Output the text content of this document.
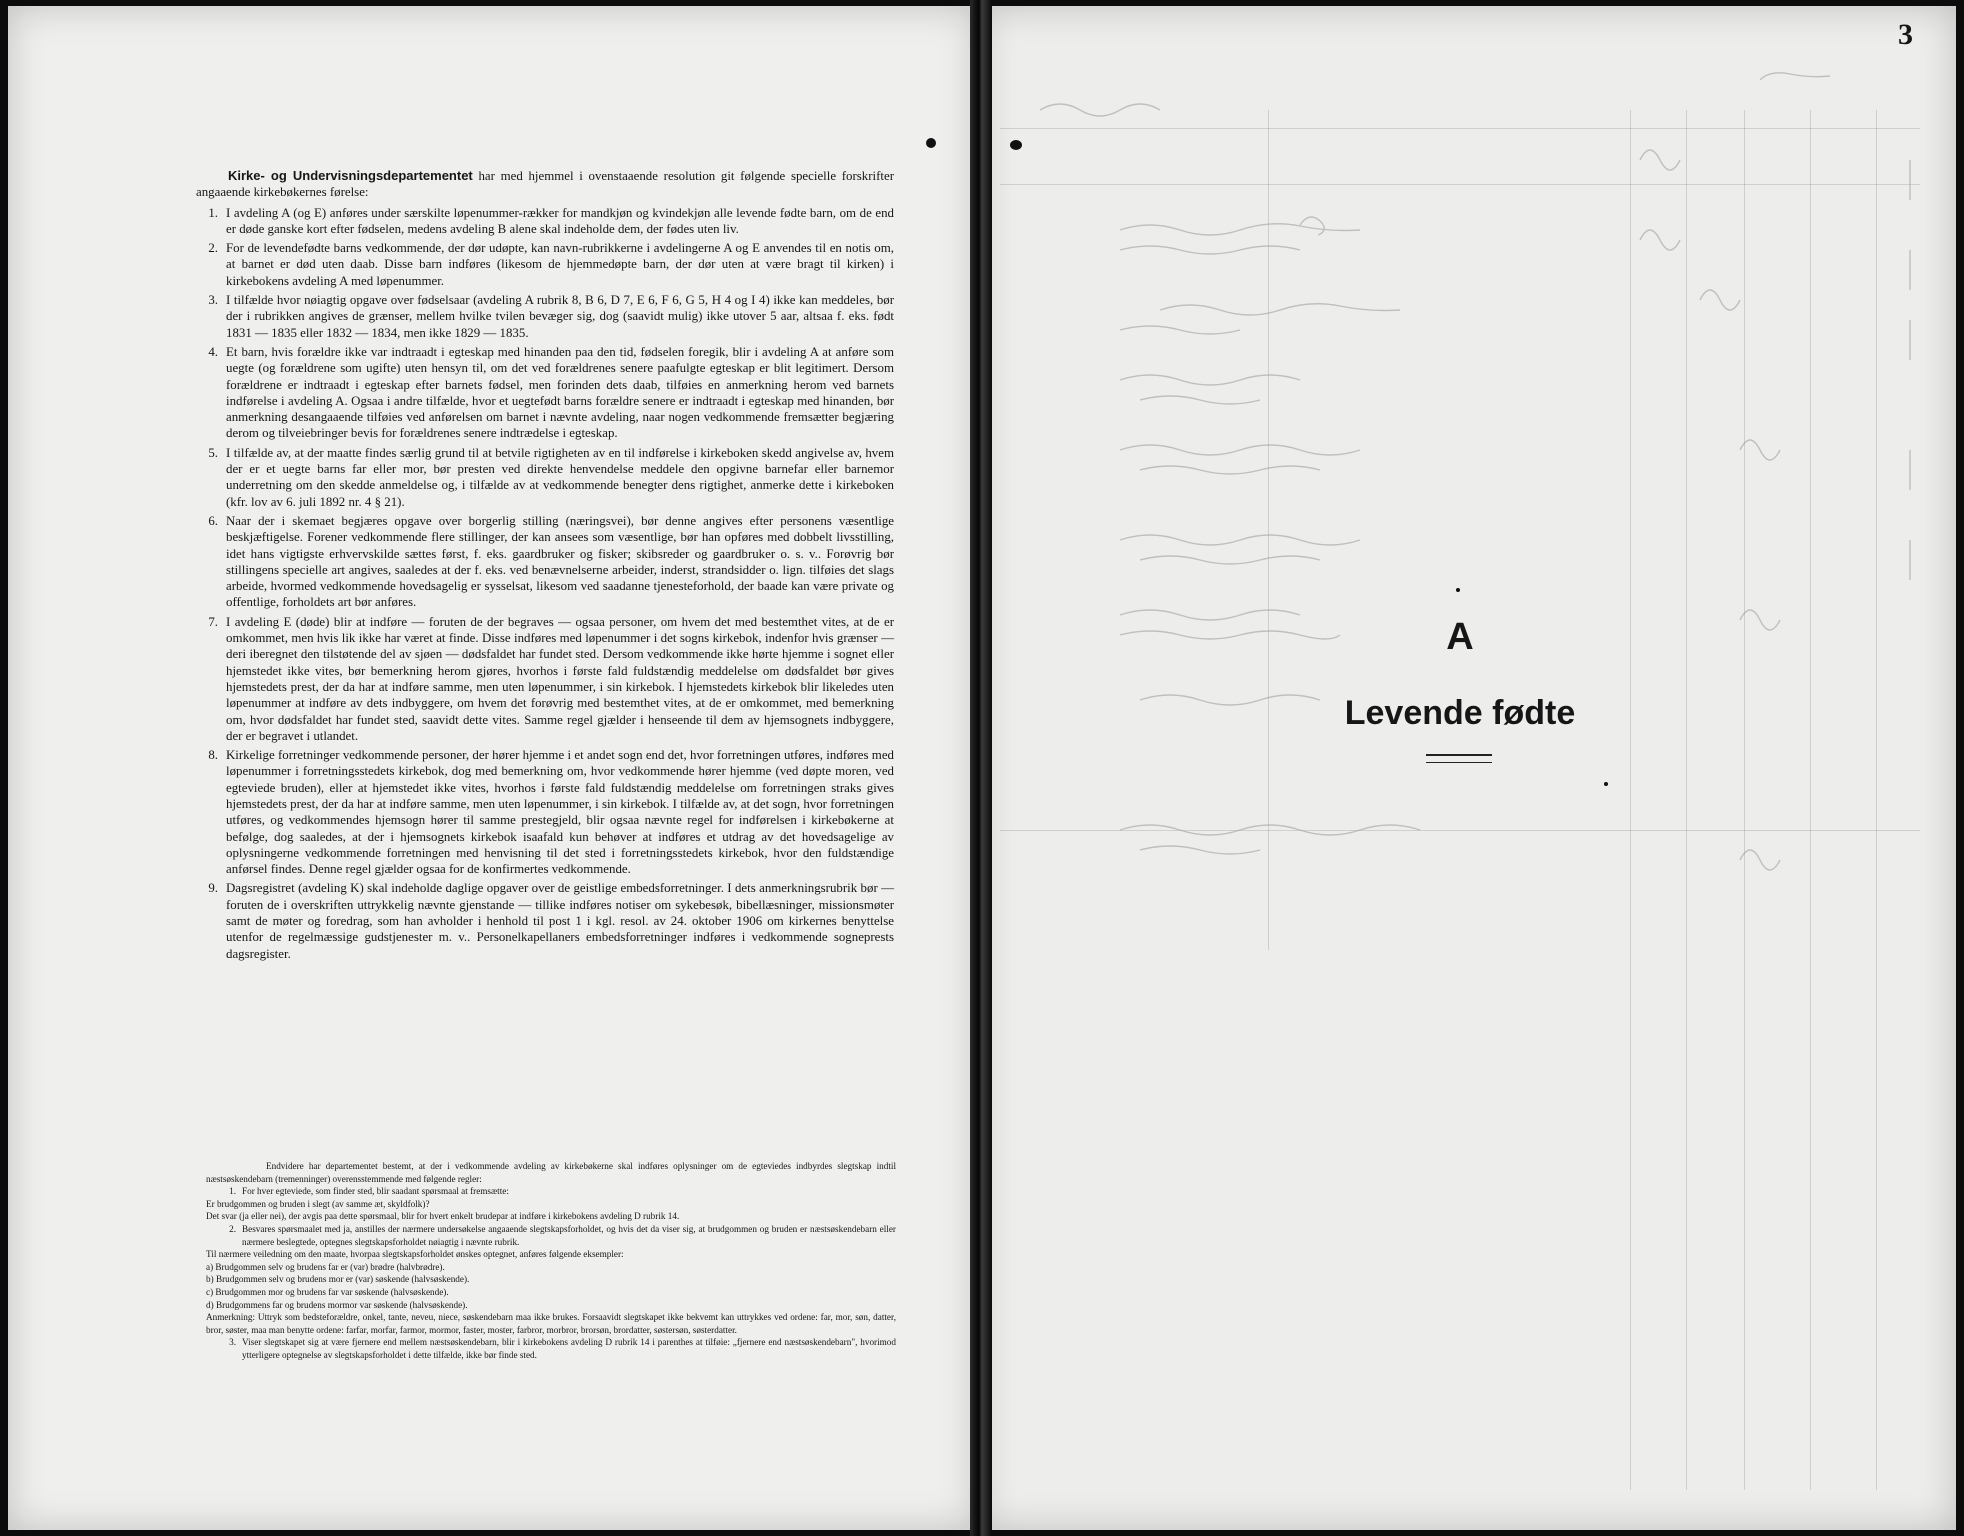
Kirke- og Undervisningsdepartementet har med hjemmel i ovenstaaende resolution git følgende specielle forskrifter angaaende kirkebøkernes førelse:

1. I avdeling A (og E) anføres under særskilte løpenummer-rækker for mandkjøn og kvindekjøn alle levende fødte barn, om de end er døde ganske kort efter fødselen, medens avdeling B alene skal indeholde dem, der fødes uten liv.
2. For de levendefødte barns vedkommende, der dør udøpte, kan navn-rubrikkerne i avdelingerne A og E anvendes til en notis om, at barnet er død uten daab. Disse barn indføres (likesom de hjemmedøpte barn, der dør uten at være bragt til kirken) i kirkebokens avdeling A med løpenummer.
3. I tilfælde hvor nøiagtig opgave over fødselsaar (avdeling A rubrik 8, B 6, D 7, E 6, F 6, G 5, H 4 og I 4) ikke kan meddeles, bør der i rubrikken angives de grænser, mellem hvilke tvilen bevæger sig, dog (saavidt mulig) ikke utover 5 aar, altsaa f. eks. født 1831 — 1835 eller 1832 — 1834, men ikke 1829 — 1835.
4. Et barn, hvis forældre ikke var indtraadt i egteskap med hinanden paa den tid, fødselen foregik, blir i avdeling A at anføre som uegte (og forældrene som ugifte) uten hensyn til, om det ved forældrenes senere paafulgte egteskap er blit legitimert. Dersom forældrene er indtraadt i egteskap efter barnets fødsel, men forinden dets daab, tilføies en anmerkning herom ved barnets indførelse i avdeling A. Ogsaa i andre tilfælde, hvor et uegtefødt barns forældre senere er indtraadt i egteskap med hinanden, bør anmerkning desangaaende tilføies ved anførelsen om barnet i nævnte avdeling, naar nogen vedkommende fremsætter begjæring derom og tilveiebringer bevis for forældrenes senere indtrædelse i egteskap.
5. I tilfælde av, at der maatte findes særlig grund til at betvile rigtigheten av en til indførelse i kirkeboken skedd angivelse av, hvem der er et uegte barns far eller mor, bør presten ved direkte henvendelse meddele den opgivne barnefar eller barnemor underretning om den skedde anmeldelse og, i tilfælde av at vedkommende benegter dens rigtighet, anmerke dette i kirkeboken (kfr. lov av 6. juli 1892 nr. 4 § 21).
6. Naar der i skemaet begjæres opgave over borgerlig stilling (næringsvei), bør denne angives efter personens væsentlige beskjæftigelse. Forener vedkommende flere stillinger, der kan ansees som væsentlige, bør han opføres med dobbelt livsstilling, idet hans vigtigste erhvervskilde sættes først, f. eks. gaardbruker og fisker; skibsreder og gaardbruker o. s. v.. Forøvrig bør stillingens specielle art angives, saaledes at der f. eks. ved benævnelserne arbeider, inderst, strandsidder o. lign. tilføies det slags arbeide, hvormed vedkommende hovedsagelig er sysselsat, likesom ved saadanne tjenesteforhold, der baade kan være private og offentlige, forholdets art bør anføres.
7. I avdeling E (døde) blir at indføre — foruten de der begraves — ogsaa personer, om hvem det med bestemthet vites, at de er omkommet, men hvis lik ikke har været at finde. Disse indføres med løpenummer i det sogns kirkebok, indenfor hvis grænser — deri iberegnet den tilstøtende del av sjøen — dødsfaldet har fundet sted. Dersom vedkommende ikke hørte hjemme i sognet eller hjemstedet ikke vites, bør bemerkning herom gjøres, hvorhos i første fald fuldstændig meddelelse om dødsfaldet bør gives hjemstedets prest, der da har at indføre samme, men uten løpenummer, i sin kirkebok. I hjemstedets kirkebok blir likeledes uten løpenummer at indføre av dets indbyggere, om hvem det forøvrig med bestemthet vites, at de er omkommet, med bemerkning om, hvor dødsfaldet har fundet sted, saavidt dette vites. Samme regel gjælder i henseende til dem av hjemsognets indbyggere, der er begravet i utlandet.
8. Kirkelige forretninger vedkommende personer, der hører hjemme i et andet sogn end det, hvor forretningen utføres, indføres med løpenummer i forretningsstedets kirkebok, dog med bemerkning om, hvor vedkommende hører hjemme (ved døpte moren, ved egteviede bruden), eller at hjemstedet ikke vites, hvorhos i første fald fuldstændig meddelelse om forretningen straks gives hjemstedets prest, der da har at indføre samme, men uten løpenummer, i sin kirkebok. I tilfælde av, at det sogn, hvor forretningen utføres, og vedkommendes hjemsogn hører til samme prestegjeld, blir ogsaa nævnte regel for indførelsen i kirkebøkerne at befølge, dog saaledes, at der i hjemsognets kirkebok isaafald kun behøver at indføres et utdrag av det hovedsagelige av oplysningerne vedkommende forretningen med henvisning til det sted i forretningsstedets kirkebok, hvor den fuldstændige anførsel findes. Denne regel gjælder ogsaa for de konfirmertes vedkommende.
9. Dagsregistret (avdeling K) skal indeholde daglige opgaver over de geistlige embedsforretninger. I dets anmerkningsrubrik bør — foruten de i overskriften uttrykkelig nævnte gjenstande — tillike indføres notiser om sykebesøk, bibellæsninger, missionsmøter samt de møter og foredrag, som han avholder i henhold til post 1 i kgl. resol. av 24. oktober 1906 om kirkernes benyttelse utenfor de regelmæssige gudstjenester m. v.. Personelkapellaners embedsforretninger indføres i vedkommende sogneprests dagsregister.

Endvidere har departementet bestemt, at der i vedkommende avdeling av kirkebøkerne skal indføres oplysninger om de egteviedes indbyrdes slegtskap indtil næstsøskendebarn (tremenninger) overensstemmende med følgende regler:

1. For hver egteviede, som finder sted, blir saadant spørsmaal at fremsætte:

Er brudgommen og bruden i slegt (av samme æt, skyldfolk)?

Det svar (ja eller nei), der avgis paa dette spørsmaal, blir for hvert enkelt brudepar at indføre i kirkebokens avdeling D rubrik 14.

2. Besvares spørsmaalet med ja, anstilles der nærmere undersøkelse angaaende slegtskapsforholdet, og hvis det da viser sig, at brudgommen og bruden er næstsøskendebarn eller nærmere beslegtede, optegnes slegtskapsforholdet nøiagtig i nævnte rubrik.

Til nærmere veiledning om den maate, hvorpaa slegtskapsforholdet ønskes optegnet, anføres følgende eksempler:

a) Brudgommen selv og brudens far er (var) brødre (halvbrødre).

b) Brudgommen selv og brudens mor er (var) søskende (halvsøskende).

c) Brudgommen mor og brudens far var søskende (halvsøskende).

d) Brudgommens far og brudens mormor var søskende (halvsøskende).

Anmerkning: Uttryk som bedsteforældre, onkel, tante, neveu, niece, søskendebarn maa ikke brukes. Forsaavidt slegtskapet ikke bekvemt kan uttrykkes ved ordene: far, mor, søn, datter, bror, søster, maa man benytte ordene: farfar, morfar, farmor, mormor, faster, moster, farbror, morbror, brorsøn, brordatter, søstersøn, søsterdatter.

3. Viser slegtskapet sig at være fjernere end mellem næstsøskendebarn, blir i kirkebokens avdeling D rubrik 14 i parenthes at tilføie: „fjernere end næstsøskendebarn", hvorimod ytterligere optegnelse av slegtskapsforholdet i dette tilfælde, ikke bør finde sted.
3
A
Levende fødte
